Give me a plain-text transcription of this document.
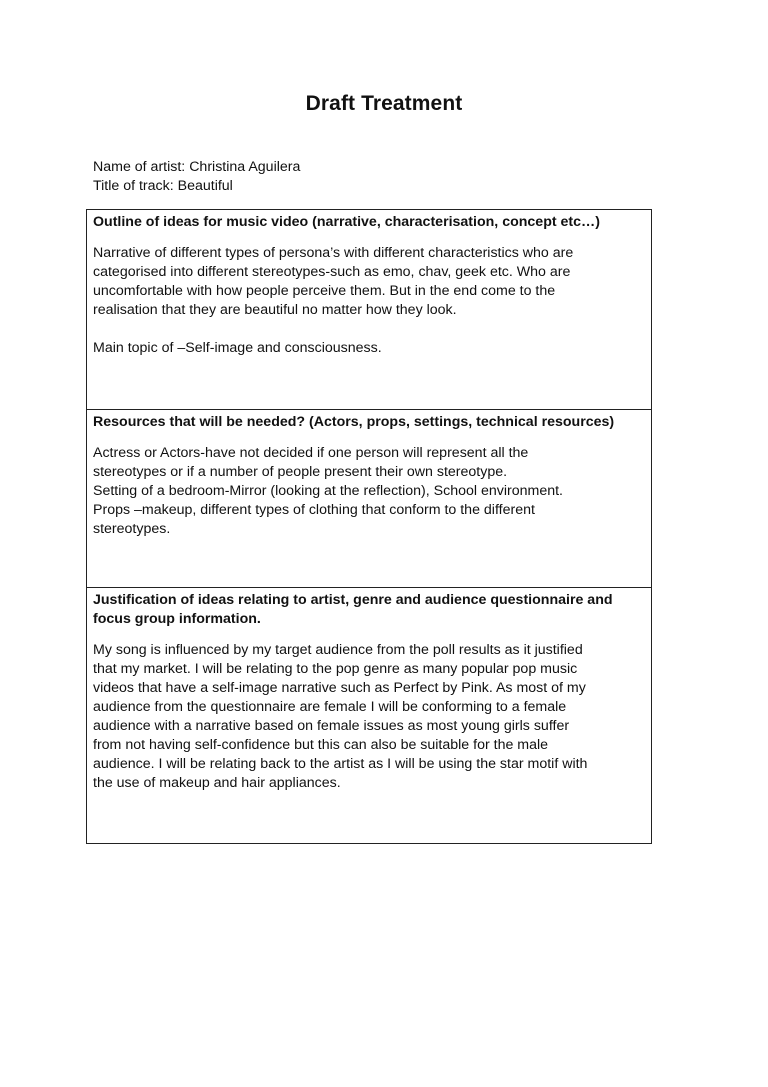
Draft Treatment
Name of artist: Christina Aguilera
Title of track: Beautiful
Outline of ideas for music video (narrative, characterisation, concept etc…)

Narrative of different types of persona’s with different characteristics who are
categorised into different stereotypes-such as emo, chav, geek etc. Who are
uncomfortable with how people perceive them. But in the end come to the
realisation that they are beautiful no matter how they look.

Main topic of –Self-image and consciousness.

Resources that will be needed? (Actors, props, settings, technical resources)
Actress or Actors-have not decided if one person will represent all the
stereotypes or if a number of people present their own stereotype.
Setting of a bedroom-Mirror (looking at the reflection), School environment.
Props –makeup, different types of clothing that conform to the different
stereotypes.
Justification of ideas relating to artist, genre and audience questionnaire and focus group information.
My song is influenced by my target audience from the poll results as it justified
that my market. I will be relating to the pop genre as many popular pop music
videos that have a self-image narrative such as Perfect by Pink. As most of my
audience from the questionnaire are female I will be conforming to a female
audience with a narrative based on female issues as most young girls suffer
from not having self-confidence but this can also be suitable for the male
audience. I will be relating back to the artist as I will be using the star motif with
the use of makeup and hair appliances.
